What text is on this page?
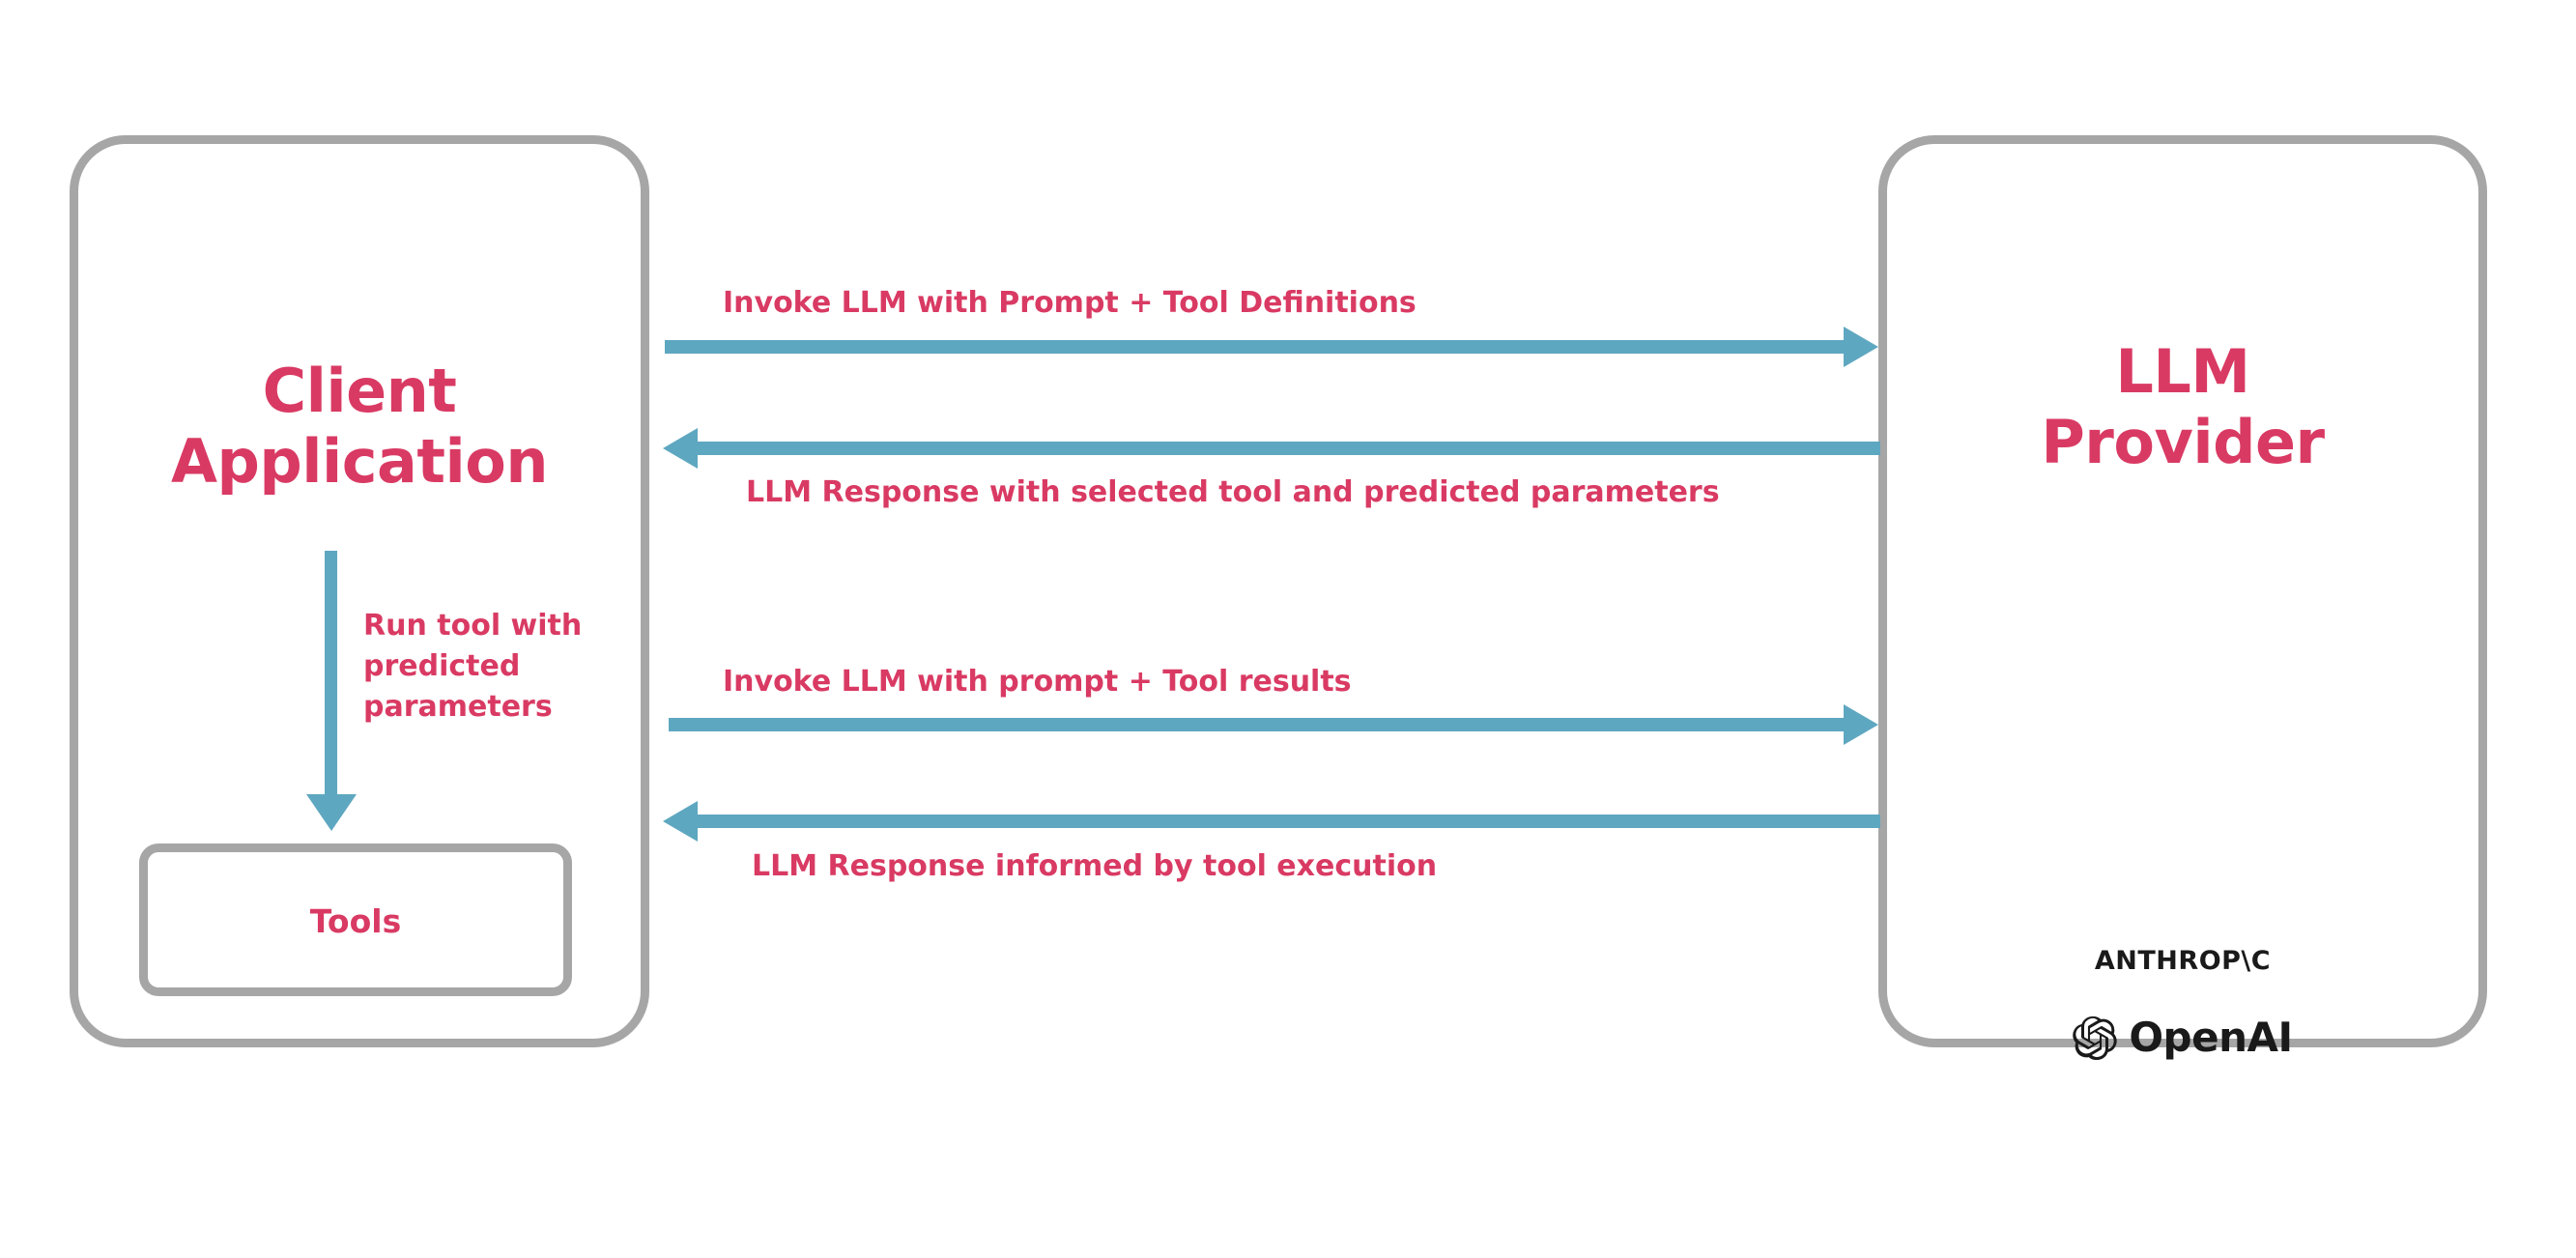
Client
Application
Tools
Run tool with predicted parameters
LLM
Provider
ANTHROP\C
OpenAI
Invoke LLM with Prompt + Tool Definitions
LLM Response with selected tool and predicted parameters
Invoke LLM with prompt + Tool results
LLM Response informed by tool execution
